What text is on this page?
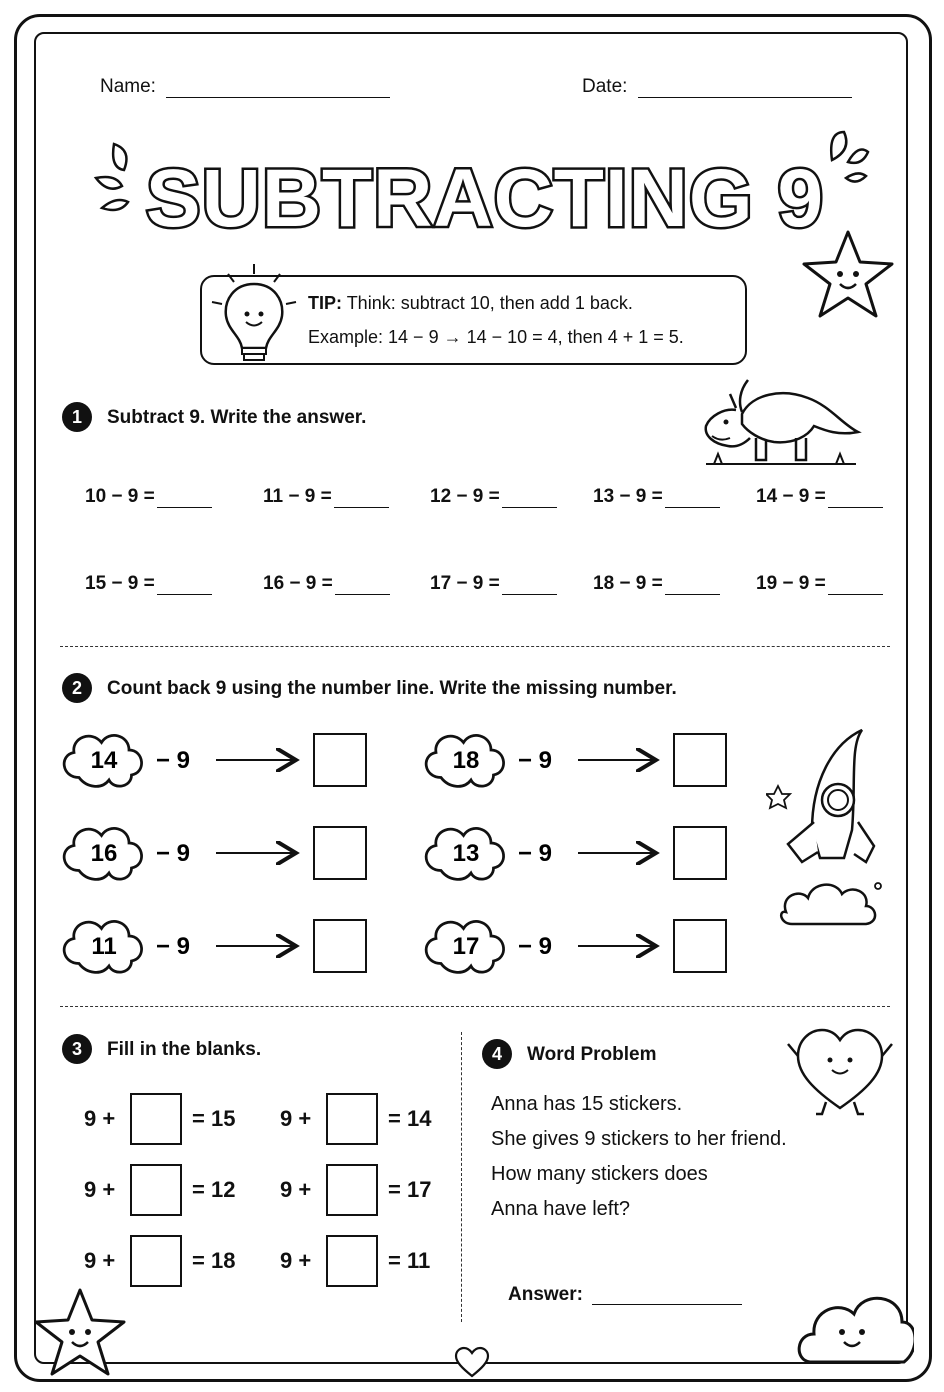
Name:	Date:
SUBTRACTING 9
TIP: Think: subtract 10, then add 1 back.
Example: 14 − 9 → 14 − 10 = 4, then 4 + 1 = 5.
1	Subtract 9. Write the answer.
10 − 9 =	11 − 9 =	12 − 9 =	13 − 9 =	14 − 9 =
15 − 9 =	16 − 9 =	17 − 9 =	18 − 9 =	19 − 9 =
2	Count back 9 using the number line. Write the missing number.
14 − 9	18 − 9
16 − 9	13 − 9
11 − 9	17 − 9
3	Fill in the blanks.
9 +	= 15 9 +	= 14
9 +	= 12 9 +	= 17
9 +	= 18 9 +	= 11
4	Word Problem
Anna has 15 stickers.
She gives 9 stickers to her friend.
How many stickers does
Anna have left?
Answer:
